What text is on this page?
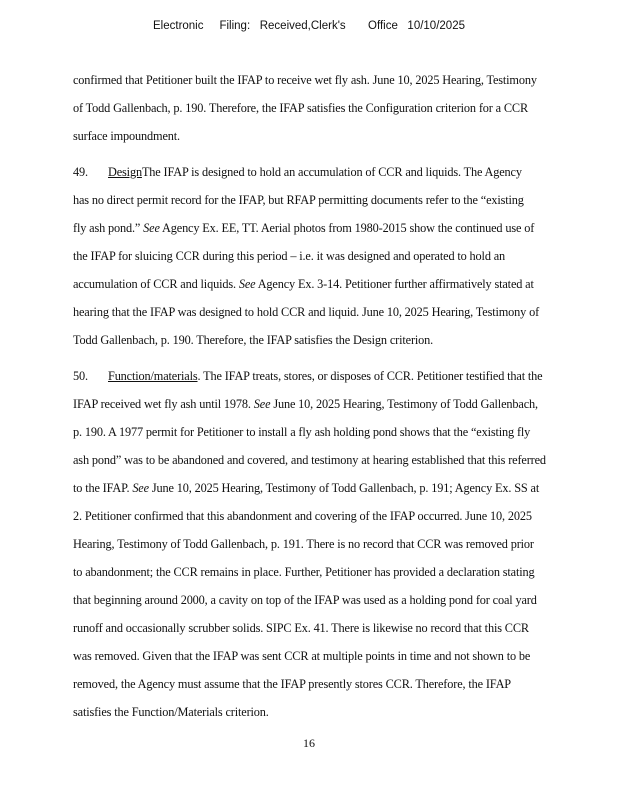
Electronic     Filing:   Received,Clerk's       Office   10/10/2025
confirmed that Petitioner built the IFAP to receive wet fly ash. June 10, 2025 Hearing, Testimony
of Todd Gallenbach, p. 190. Therefore, the IFAP satisfies the Configuration criterion for a CCR
surface impoundment.
49. DesignThe IFAP is designed to hold an accumulation of CCR and liquids. The Agency
has no direct permit record for the IFAP, but RFAP permitting documents refer to the “existing
fly ash pond.” See Agency Ex. EE, TT. Aerial photos from 1980-2015 show the continued use of
the IFAP for sluicing CCR during this period – i.e. it was designed and operated to hold an
accumulation of CCR and liquids. See Agency Ex. 3-14. Petitioner further affirmatively stated at
hearing that the IFAP was designed to hold CCR and liquid. June 10, 2025 Hearing, Testimony of
Todd Gallenbach, p. 190. Therefore, the IFAP satisfies the Design criterion.
50. Function/materials. The IFAP treats, stores, or disposes of CCR. Petitioner testified that the
IFAP received wet fly ash until 1978. See June 10, 2025 Hearing, Testimony of Todd Gallenbach,
p. 190. A 1977 permit for Petitioner to install a fly ash holding pond shows that the “existing fly
ash pond” was to be abandoned and covered, and testimony at hearing established that this referred
to the IFAP. See June 10, 2025 Hearing, Testimony of Todd Gallenbach, p. 191; Agency Ex. SS at
2. Petitioner confirmed that this abandonment and covering of the IFAP occurred. June 10, 2025
Hearing, Testimony of Todd Gallenbach, p. 191. There is no record that CCR was removed prior
to abandonment; the CCR remains in place. Further, Petitioner has provided a declaration stating
that beginning around 2000, a cavity on top of the IFAP was used as a holding pond for coal yard
runoff and occasionally scrubber solids. SIPC Ex. 41. There is likewise no record that this CCR
was removed. Given that the IFAP was sent CCR at multiple points in time and not shown to be
removed, the Agency must assume that the IFAP presently stores CCR. Therefore, the IFAP
satisfies the Function/Materials criterion.
16
